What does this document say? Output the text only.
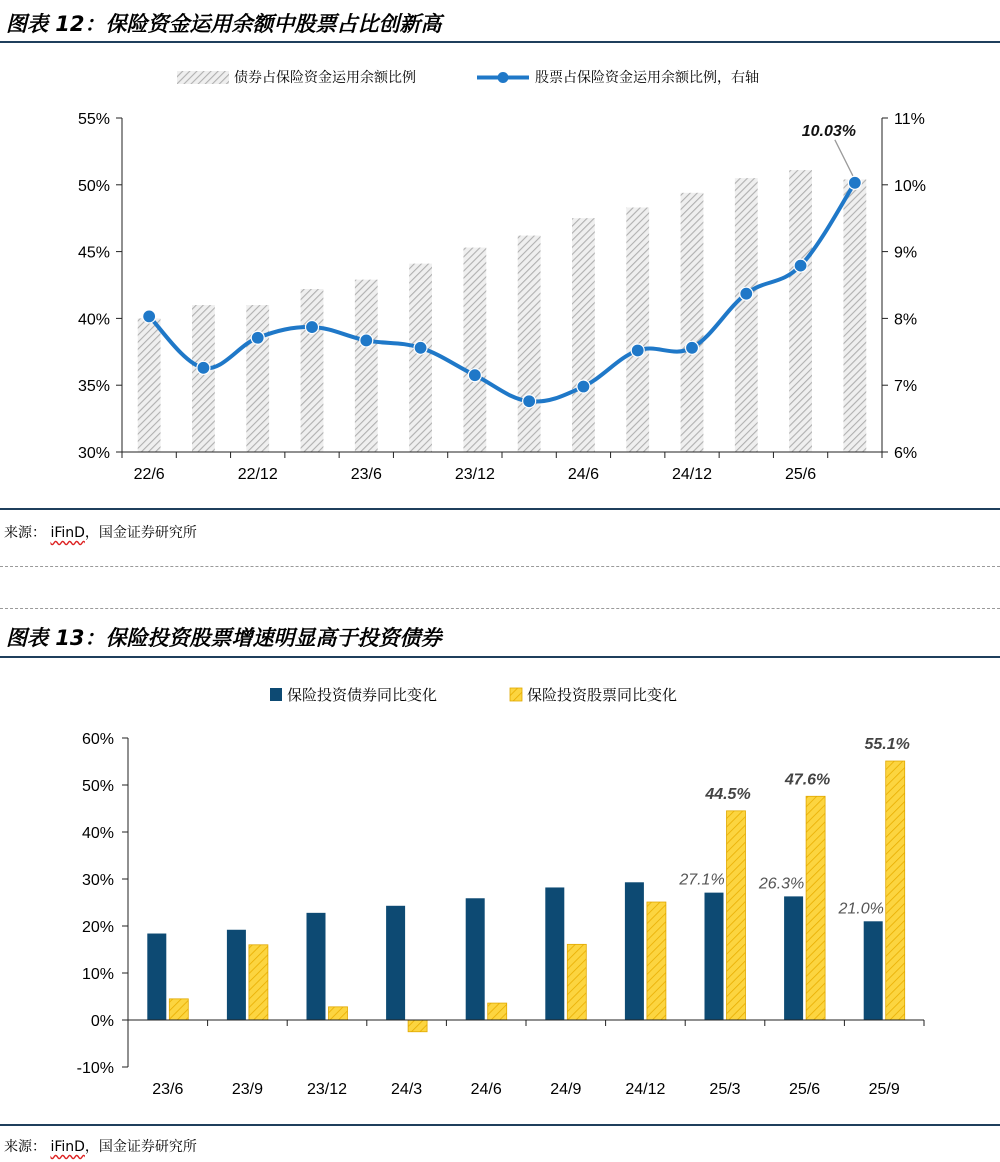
图表 12：保险资金运用余额中股票占比创新高
债券占保险资金运用余额比例	股票占保险资金运用余额比例，右轴
30%
35%
40%
45%
50%
55%
6%
7%
8%
9%
10%
11%
22/6	22/12	23/6	23/12	24/6	24/12	25/6
10.03%
来源： iFinD，国金证券研究所
图表 13：保险投资股票增速明显高于投资债券
保险投资债券同比变化	保险投资股票同比变化
-10%
0%
10%
20%
30%
40%
50%
60%
23/6	23/9	23/12	24/3	24/6	24/9	24/12	25/3	25/6	25/9
27.1% 26.3%
21.0%
44.5%
47.6%
55.1%
来源： iFinD，国金证券研究所
